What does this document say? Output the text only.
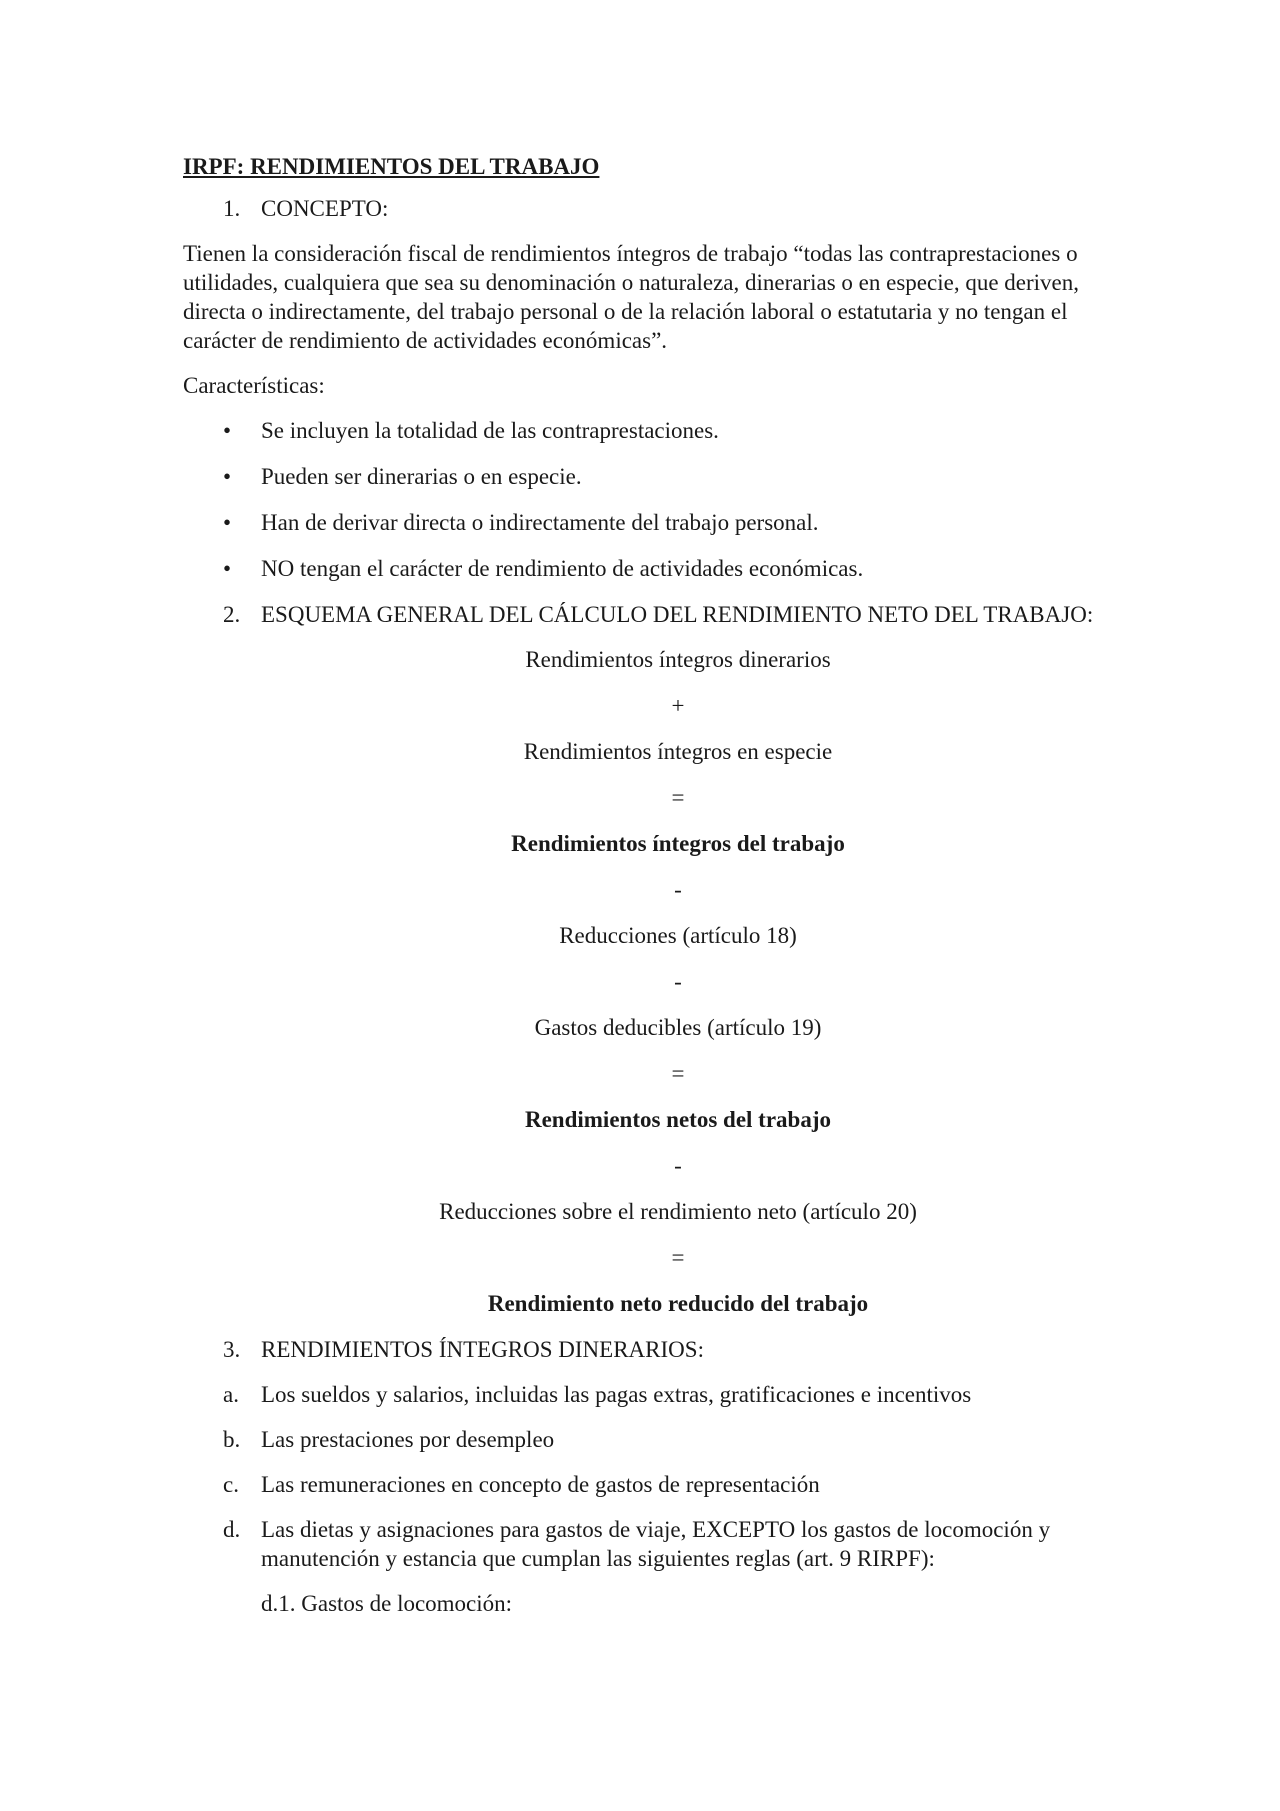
IRPF: RENDIMIENTOS DEL TRABAJO
1. CONCEPTO:
Tienen la consideración fiscal de rendimientos íntegros de trabajo “todas las contraprestaciones o utilidades, cualquiera que sea su denominación o naturaleza, dinerarias o en especie, que deriven, directa o indirectamente, del trabajo personal o de la relación laboral o estatutaria y no tengan el carácter de rendimiento de actividades económicas”.
Características:
• Se incluyen la totalidad de las contraprestaciones.
• Pueden ser dinerarias o en especie.
• Han de derivar directa o indirectamente del trabajo personal.
• NO tengan el carácter de rendimiento de actividades económicas.
2. ESQUEMA GENERAL DEL CÁLCULO DEL RENDIMIENTO NETO DEL TRABAJO:
Rendimientos íntegros dinerarios
+
Rendimientos íntegros en especie
=
Rendimientos íntegros del trabajo
-
Reducciones (artículo 18)
-
Gastos deducibles (artículo 19)
=
Rendimientos netos del trabajo
-
Reducciones sobre el rendimiento neto (artículo 20)
=
Rendimiento neto reducido del trabajo
3. RENDIMIENTOS ÍNTEGROS DINERARIOS:
a. Los sueldos y salarios, incluidas las pagas extras, gratificaciones e incentivos
b. Las prestaciones por desempleo
c. Las remuneraciones en concepto de gastos de representación
d. Las dietas y asignaciones para gastos de viaje, EXCEPTO los gastos de locomoción y manutención y estancia que cumplan las siguientes reglas (art. 9 RIRPF):
d.1. Gastos de locomoción:
